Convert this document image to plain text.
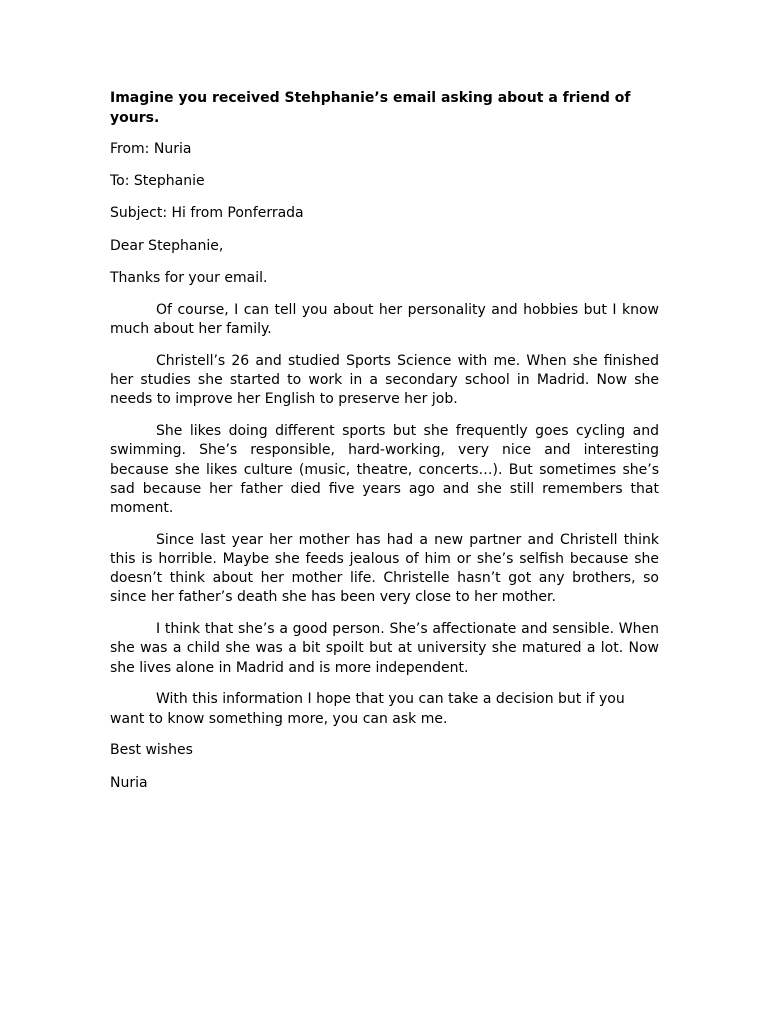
Imagine you received Stehphanie’s email asking about a friend of yours.
From: Nuria
To: Stephanie
Subject: Hi from Ponferrada
Dear Stephanie,
Thanks for your email.

Of course, I can tell you about her personality and hobbies but I know much about her family.

Christell’s 26 and studied Sports Science with me. When she finished her studies she started to work in a secondary school in Madrid. Now she needs to improve her English to preserve her job.

She likes doing different sports but she frequently goes cycling and swimming. She’s responsible, hard-working, very nice and interesting because she likes culture (music, theatre, concerts…). But sometimes she’s sad because her father died five years ago and she still remembers that moment.

Since last year her mother has had a new partner and Christell think this is horrible. Maybe she feeds jealous of him or she’s selfish because she doesn’t think about her mother life. Christelle hasn’t got any brothers, so since her father’s death she has been very close to her mother.

I think that she’s a good person. She’s affectionate and sensible. When she was a child she was a bit spoilt but at university she matured a lot. Now she lives alone in Madrid and is more independent.

With this information I hope that you can take a decision but if you want to know something more, you can ask me.

Best wishes
Nuria
